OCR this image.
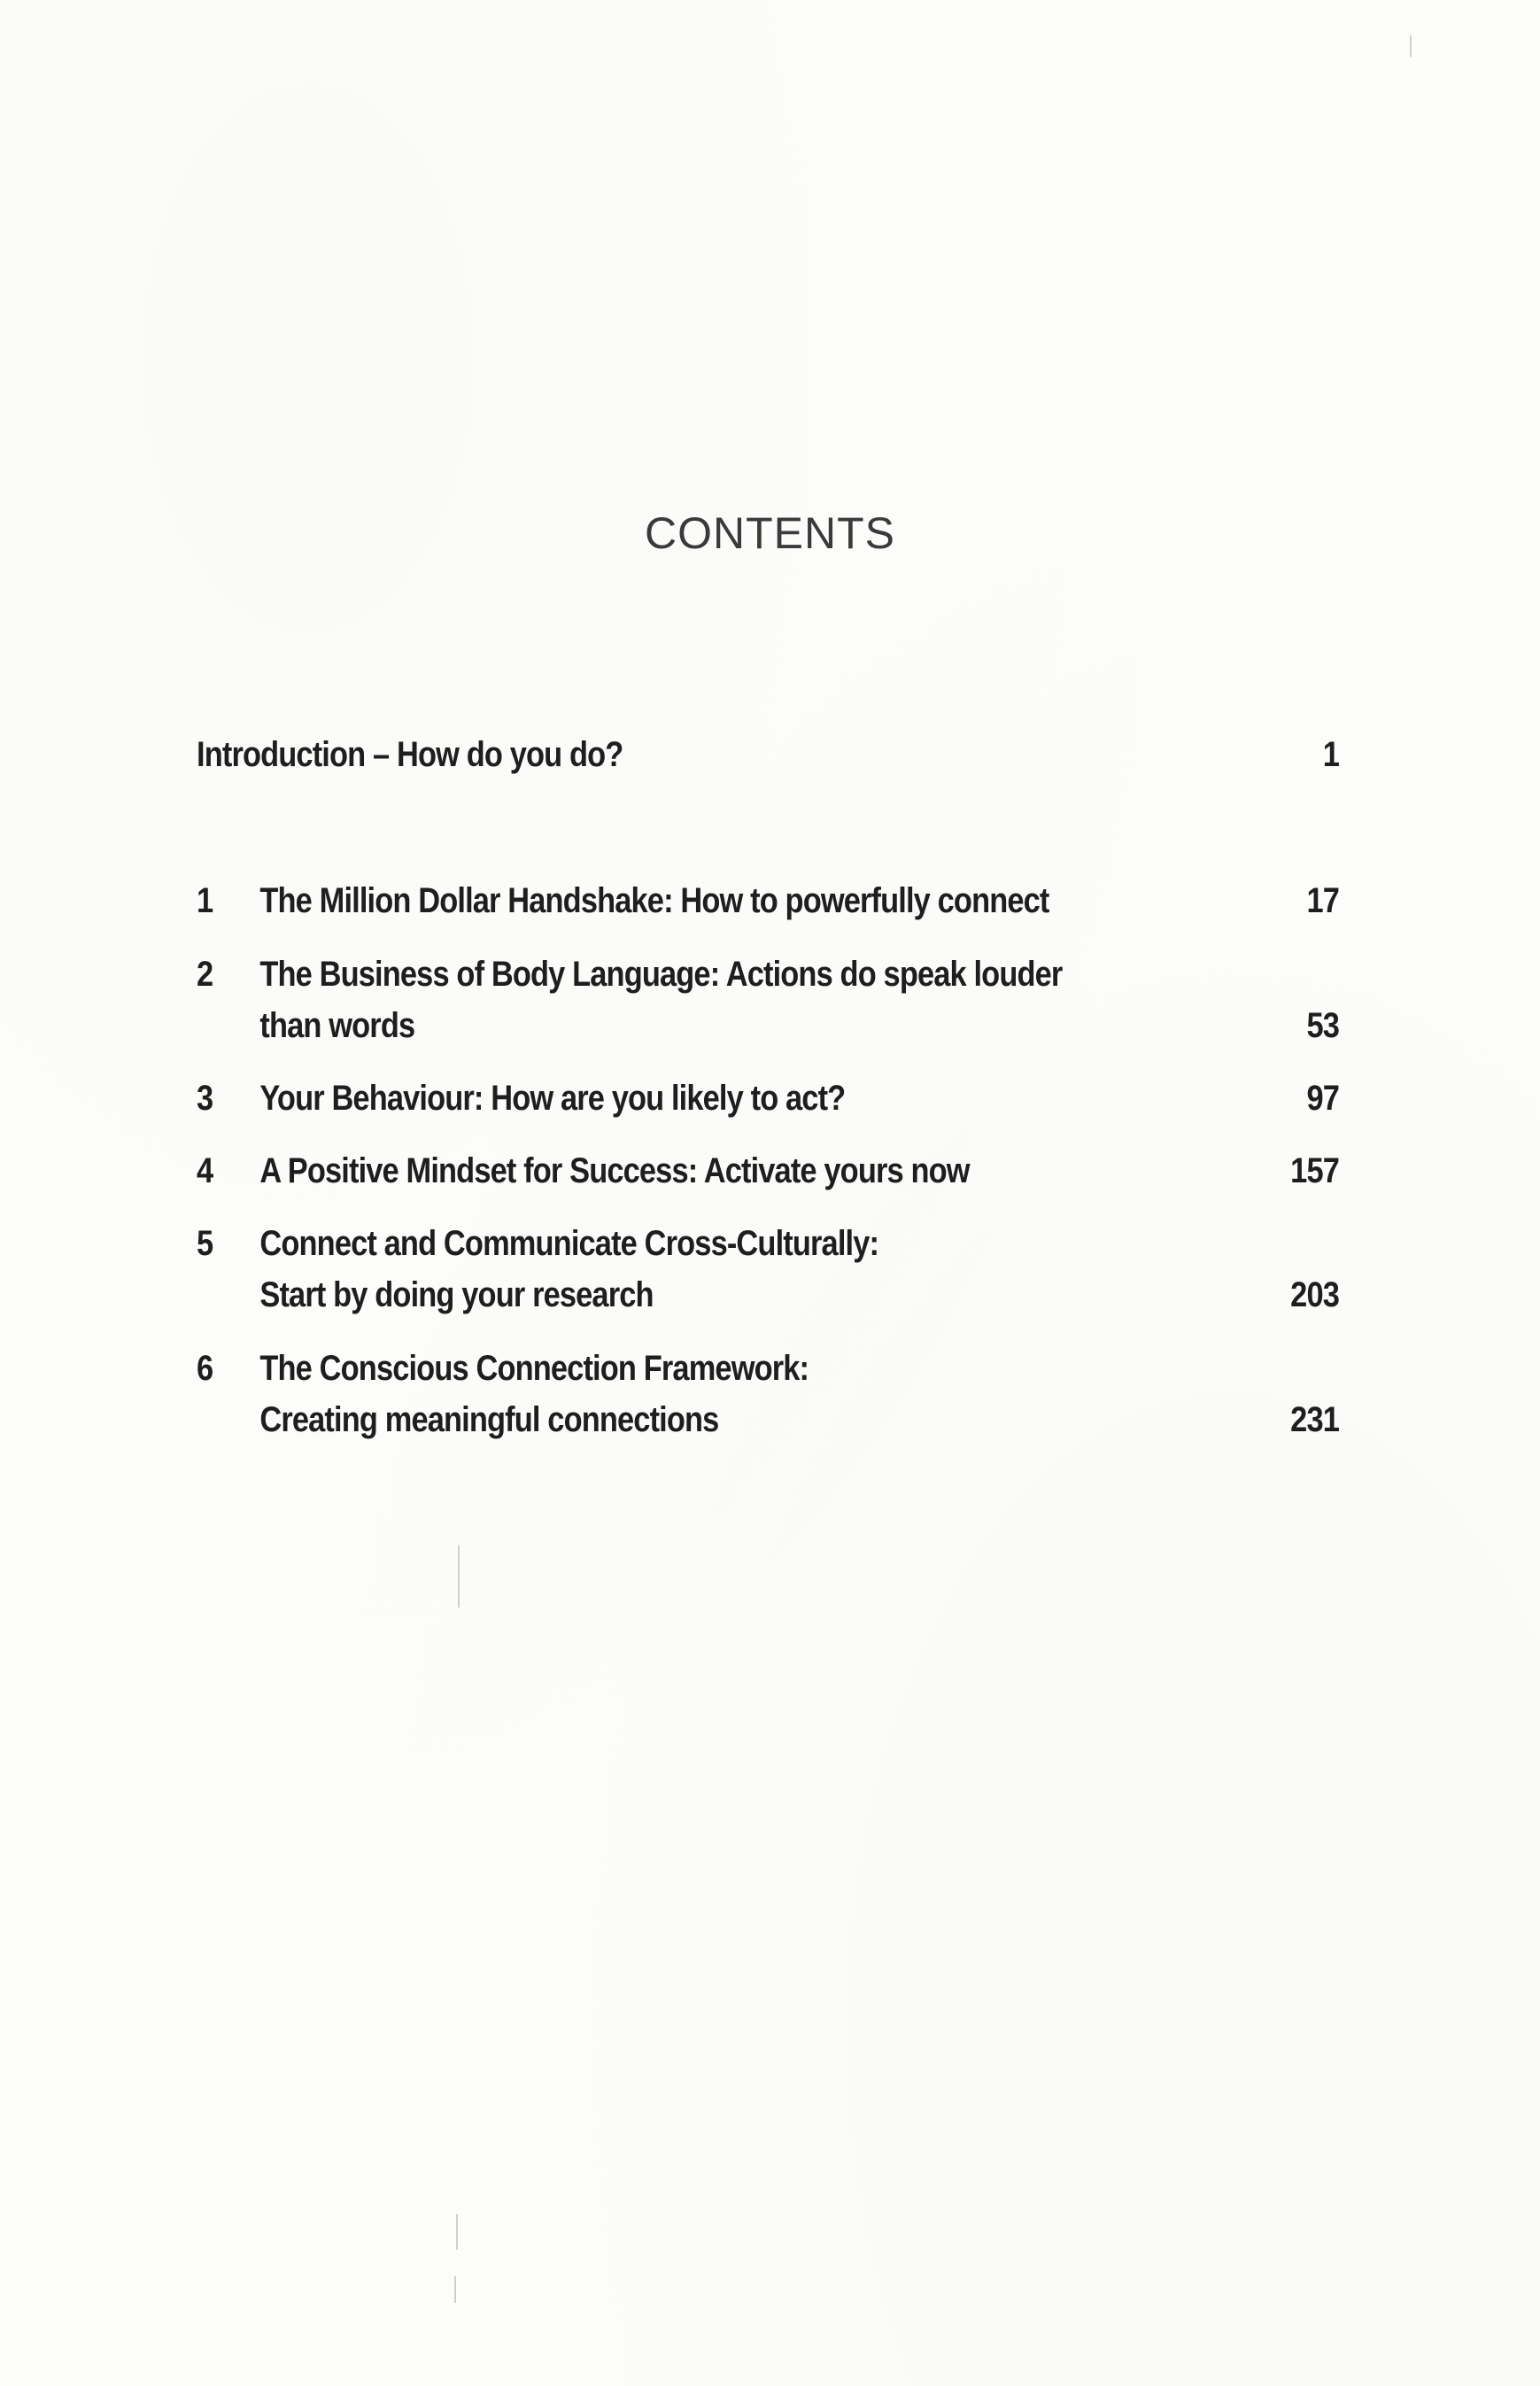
CONTENTS
Introduction – How do you do?	1
1	The Million Dollar Handshake: How to powerfully connect	17
2	The Business of Body Language: Actions do speak louder
than words	53
3	Your Behaviour: How are you likely to act?	97
4	A Positive Mindset for Success: Activate yours now	157
5	Connect and Communicate Cross-Culturally:
Start by doing your research	203
6	The Conscious Connection Framework:
Creating meaningful connections	231
